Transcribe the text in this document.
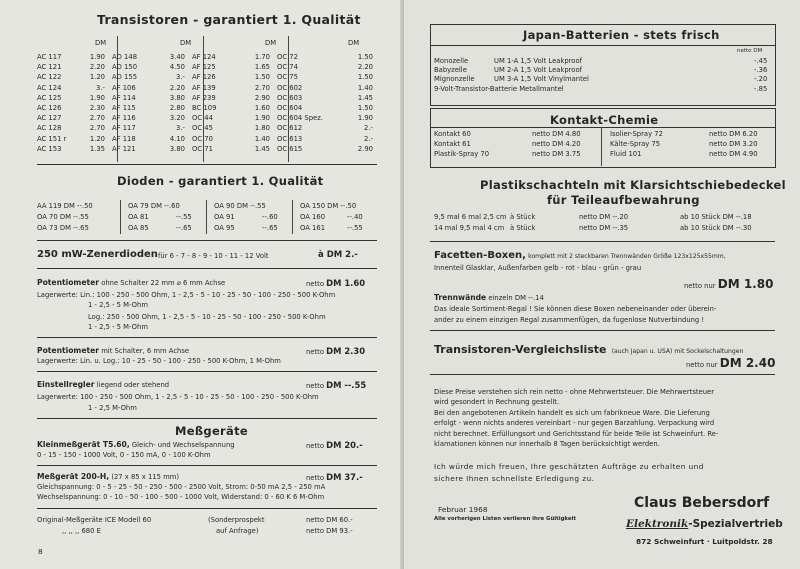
Transistoren - garantiert 1. Qualität
DM	DM	DM	DM
AC 117	1.90	AD 148	3.40	AF 124	1.70	OC 72	1.50
AC 121	2.20	AD 150	4.50	AF 125	1.65	OC 74	2.20
AC 122	1.20	AD 155	3.-	AF 126	1.50	OC 75	1.50
AC 124	3.-	AF 106	2.20	AF 139	2.70	OC 602	1.40
AC 125	1.90	AF 114	3.80	AF 239	2.90	OC 603	1.45
AC 126	2.30	AF 115	2.80	BC 109	1.60	OC 604	1.50
AC 127	2.70	AF 116	3.20	OC 44	1.90	OC 604 Spez.	1.90
AC 128	2.70	AF 117	3.-	OC 45	1.80	OC 612	2.-
AC 151 r	1.20	AF 118	4.10	OC 70	1.40	OC 613	2.-
AC 153	1.35	AF 121	3.80	OC 71	1.45	OC 615	2.90
Dioden - garantiert 1. Qualität
AA 119 DM --.50	OA 79 DM --.60	OA 90 DM --.55	OA 150 DM --.50
OA 70 DM --.55	OA 81	--.55	OA 91	--.60	OA 160	--.40
OA 73 DM --.65	OA 85	--.65	OA 95	--.65	OA 161	--.55
250 mW-Zenerdioden für 6 - 7 - 8 - 9 - 10 - 11 - 12 Volt	à DM 2.-
Potentiometer ohne Schalter 22 mm ⌀ 6 mm Achse	netto DM 1.60
Lagerwerte: Lin.: 100 - 250 - 500 Ohm, 1 - 2,5 - 5 - 10 - 25 - 50 - 100 - 250 - 500 K-Ohm
1 - 2,5 - 5 M-Ohm
Log.: 250 - 500 Ohm, 1 - 2,5 - 5 - 10 - 25 - 50 - 100 - 250 - 500 K-Ohm
1 - 2,5 - 5 M-Ohm
Potentiometer mit Schalter, 6 mm Achse	netto DM 2.30
Lagerwerte: Lin. u. Log.: 10 - 25 - 50 - 100 - 250 - 500 K-Ohm, 1 M-Ohm
Einstellregler liegend oder stehend	netto DM --.55
Lagerwerte: 100 - 250 - 500 Ohm, 1 - 2,5 - 5 - 10 - 25 - 50 - 100 - 250 - 500 K-Ohm
1 - 2,5 M-Ohm
Meßgeräte
Kleinmeßgerät T5.60, Gleich- und Wechselspannung	netto DM 20.-
0 - 15 - 150 - 1000 Volt, 0 - 150 mA, 0 - 100 K-Ohm
Meßgerät 200-H, (27 x 85 x 115 mm)	netto DM 37.-
Gleichspannung: 0 - 5 - 25 - 50 - 250 - 500 - 2500 Volt, Strom: 0-50 mA 2,5 - 250 mA
Wechselspannung: 0 - 10 - 50 - 100 - 500 - 1000 Volt, Widerstand: 0 - 60 K 6 M-Ohm
Original-Meßgeräte ICE Modell 60	(Sonderprospekt	netto DM 60.-
,, ,, ,, 680 E	auf Anfrage)	netto DM 93.-
8
Japan-Batterien - stets frisch
netto DM
Monozelle	UM 1-A 1,5 Volt Leakproof	-.45
Babyzelle	UM 2-A 1,5 Volt Leakproof	-.36
Mignonzelle	UM 3-A 1,5 Volt Vinylmantel	-.20
9-Volt-Transistor-Batterie Metallmantel	-.85
Kontakt-Chemie
Kontakt 60	netto DM 4.80	Isolier-Spray 72	netto DM 6.20
Kontakt 61	netto DM 4.20	Kälte-Spray 75	netto DM 3.20
Plastik-Spray 70	netto DM 3.75	Fluid 101	netto DM 4.90
Plastikschachteln mit Klarsichtschiebedeckel
für Teileaufbewahrung
9,5 mal 6 mal 2,5 cm à Stück	netto DM --.20	ab 10 Stück DM --.18
14 mal 9,5 mal 4 cm à Stück	netto DM --.35	ab 10 Stück DM --.30
Facetten-Boxen, komplett mit 2 steckbaren Trennwänden Größe 123x125x55mm,
Innenteil Glasklar, Außenfarben gelb - rot - blau - grün - grau
netto nur DM 1.80
Trennwände einzeln DM --.14
Das ideale Sortiment-Regal ! Sie können diese Boxen nebeneinander oder überein-
ander zu einem einzigen Regal zusammenfügen, da fugenlose Nutverbindung !
Transistoren-Vergleichsliste (auch Japan u. USA) mit Sockelschaltungen
netto nur DM 2.40
Diese Preise verstehen sich rein netto - ohne Mehrwertsteuer. Die Mehrwertsteuer
wird gesondert in Rechnung gestellt.
Bei den angebotenen Artikeln handelt es sich um fabrikneue Ware. Die Lieferung
erfolgt - wenn nichts anderes vereinbart - nur gegen Barzahlung. Verpackung wird
nicht berechnet. Erfüllungsort und Gerichtsstand für beide Teile ist Schweinfurt. Re-
klamationen können nur innerhalb 8 Tagen berücksichtigt werden.
Ich würde mich freuen, Ihre geschätzten Aufträge zu erhalten und
sichere Ihnen schnellste Erledigung zu.
Februar 1968
Alle vorherigen Listen verlieren ihre Gültigkeit
Claus Bebersdorf
Elektronik-Spezialvertrieb
872 Schweinfurt · Luitpoldstr. 28
